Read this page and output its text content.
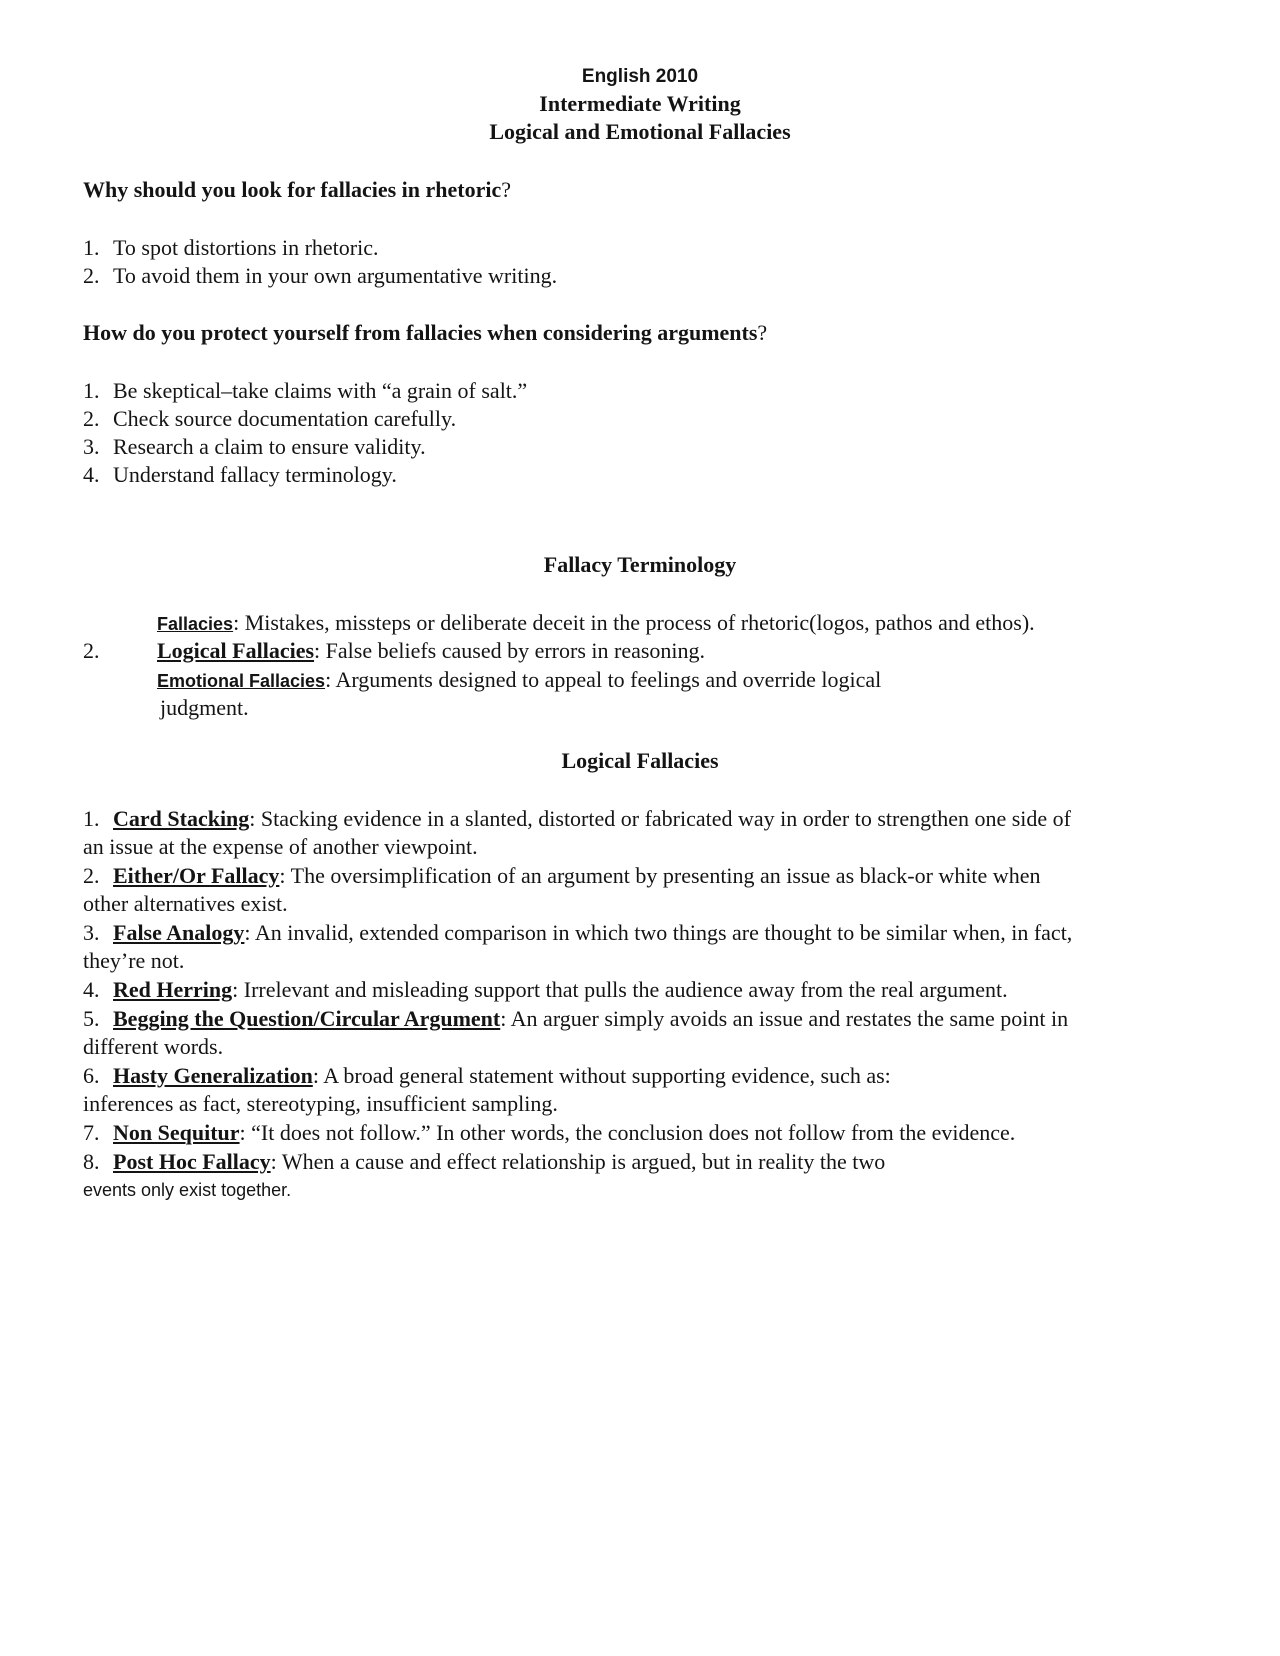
English 2010

Intermediate Writing

Logical and Emotional Fallacies

Why should you look for fallacies in rhetoric?

1. To spot distortions in rhetoric.

2. To avoid them in your own argumentative writing.

How do you protect yourself from fallacies when considering arguments?

1. Be skeptical–take claims with “a grain of salt.”

2. Check source documentation carefully.

3. Research a claim to ensure validity.

4. Understand fallacy terminology.

Fallacy Terminology

Fallacies: Mistakes, missteps or deliberate deceit in the process of rhetoric(logos, pathos and ethos).

2.	Logical Fallacies: False beliefs caused by errors in reasoning.

Emotional Fallacies: Arguments designed to appeal to feelings and override logical

judgment.

Logical Fallacies

1. Card Stacking: Stacking evidence in a slanted, distorted or fabricated way in order to strengthen one side of

an issue at the expense of another viewpoint.

2. Either/Or Fallacy: The oversimplification of an argument by presenting an issue as black-or white when

other alternatives exist.

3. False Analogy: An invalid, extended comparison in which two things are thought to be similar when, in fact,

they’re not.

4. Red Herring: Irrelevant and misleading support that pulls the audience away from the real argument.

5. Begging the Question/Circular Argument: An arguer simply avoids an issue and restates the same point in

different words.

6. Hasty Generalization: A broad general statement without supporting evidence, such as:

inferences as fact, stereotyping, insufficient sampling.

7. Non Sequitur: “It does not follow.” In other words, the conclusion does not follow from the evidence.

8. Post Hoc Fallacy: When a cause and effect relationship is argued, but in reality the two

events only exist together.
